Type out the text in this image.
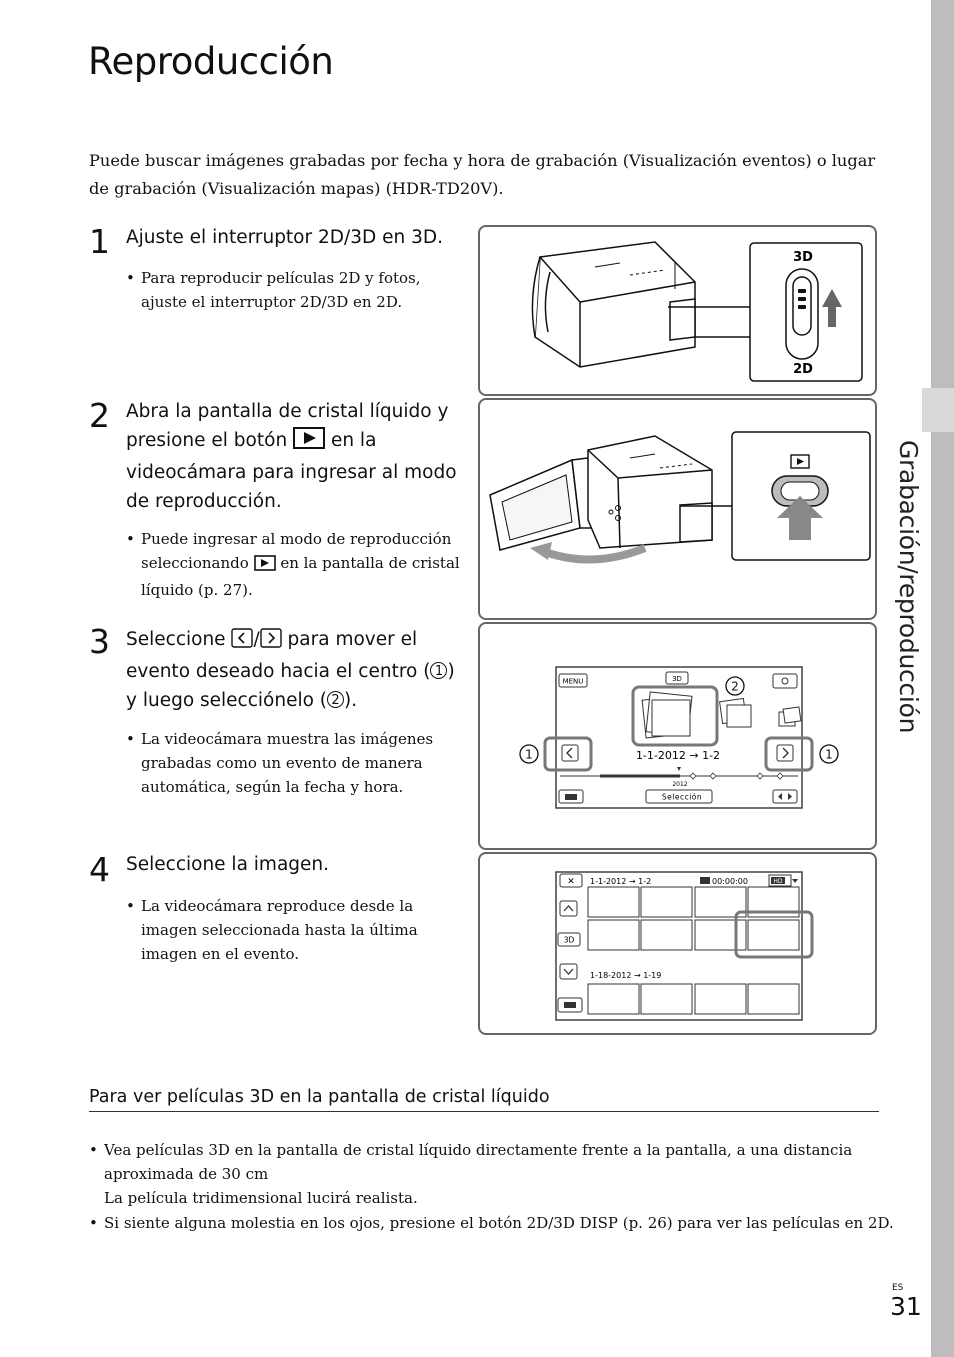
Grabación/reproducción
Reproducción

Puede buscar imágenes grabadas por fecha y hora de grabación (Visualización eventos) o lugar de grabación (Visualización mapas) (HDR-TD20V).

1 Ajuste el interruptor 2D/3D en 3D.
• Para reproducir películas 2D y fotos, ajuste el interruptor 2D/3D en 2D.
2 Abra la pantalla de cristal líquido y presione el botón  en la videocámara para ingresar al modo de reproducción.
• Puede ingresar al modo de reproducción seleccionando  en la pantalla de cristal líquido (p. 27).
3 Seleccione / para mover el evento deseado hacia el centro ( 1 ) y luego selecciónelo ( 2 ).
• La videocámara muestra las imágenes grabadas como un evento de manera automática, según la fecha y hora.
4 Seleccione la imagen.
• La videocámara reproduce desde la imagen seleccionada hasta la última imagen en el evento.
3D
2D
MENU	3D
1-1-2012 → 1-2
2012
Selección
1	1
2
✕ 1-1-2012 → 1-2	00:00:00	HD
3D
1-18-2012 → 1-19
Para ver películas 3D en la pantalla de cristal líquido
• Vea películas 3D en la pantalla de cristal líquido directamente frente a la pantalla, a una distancia aproximada de 30 cm
La película tridimensional lucirá realista.
• Si siente alguna molestia en los ojos, presione el botón 2D/3D DISP (p. 26) para ver las películas en 2D.
ES
31
